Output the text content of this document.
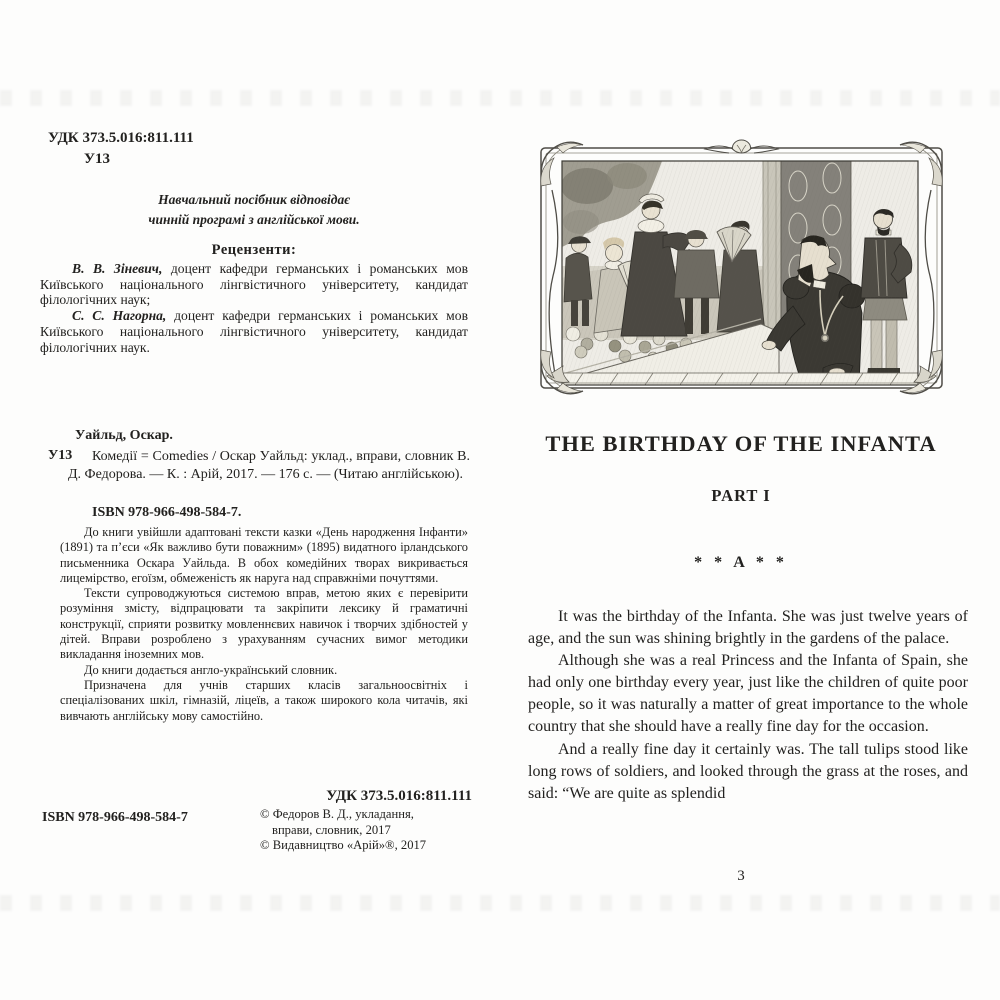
УДК 373.5.016:811.111

У13

Навчальний посібник відповідає

чинній програмі з англійської мови.

Рецензенти:

В. В. Зіневич, доцент кафедри германських і романських мов Київського національного лінгвістичного університету, кандидат філологічних наук;

С. С. Нагорна, доцент кафедри германських і романських мов Київського національного лінгвістичного університету, кандидат філологічних наук.

Уайльд, Оскар.
У13	Комедії = Comedies / Оскар Уайльд: уклад., вправи, словник В. Д. Федорова. — К. : Арій, 2017. — 176 с. — (Читаю англійською).
ISBN 978-966-498-584-7.

До книги увійшли адаптовані тексти казки «День народження Інфанти» (1891) та п’єси «Як важливо бути поважним» (1895) видатного ірландського письменника Оскара Уайльда. В обох комедійних творах викривається лицемірство, егоїзм, обмеженість як наруга над справжніми почуттями.

Тексти супроводжуються системою вправ, метою яких є перевірити розуміння змісту, відпрацювати та закріпити лексику й граматичні конструкції, сприяти розвитку мовленнєвих навичок і творчих здібностей у дітей. Вправи розроблено з урахуванням сучасних вимог методики викладання іноземних мов.

До книги додається англо-український словник.

Призначена для учнів старших класів загальноосвітніх і спеціалізованих шкіл, гімназій, ліцеїв, а також широкого кола читачів, які вивчають англійську мову самостійно.

УДК 373.5.016:811.111
ISBN 978-966-498-584-7	© Федоров В. Д., укладання,

вправи, словник, 2017

© Видавництво «Арій»®, 2017

THE BIRTHDAY OF THE INFANTA
PART I
* * A * *

It was the birthday of the Infanta. She was just twelve years of age, and the sun was shining brightly in the gardens of the palace.

Although she was a real Princess and the Infanta of Spain, she had only one birthday every year, just like the children of quite poor people, so it was naturally a matter of great importance to the whole country that she should have a really fine day for the occasion.

And a really fine day it certainly was. The tall tulips stood like long rows of soldiers, and looked through the grass at the roses, and said: “We are quite as splendid

3
